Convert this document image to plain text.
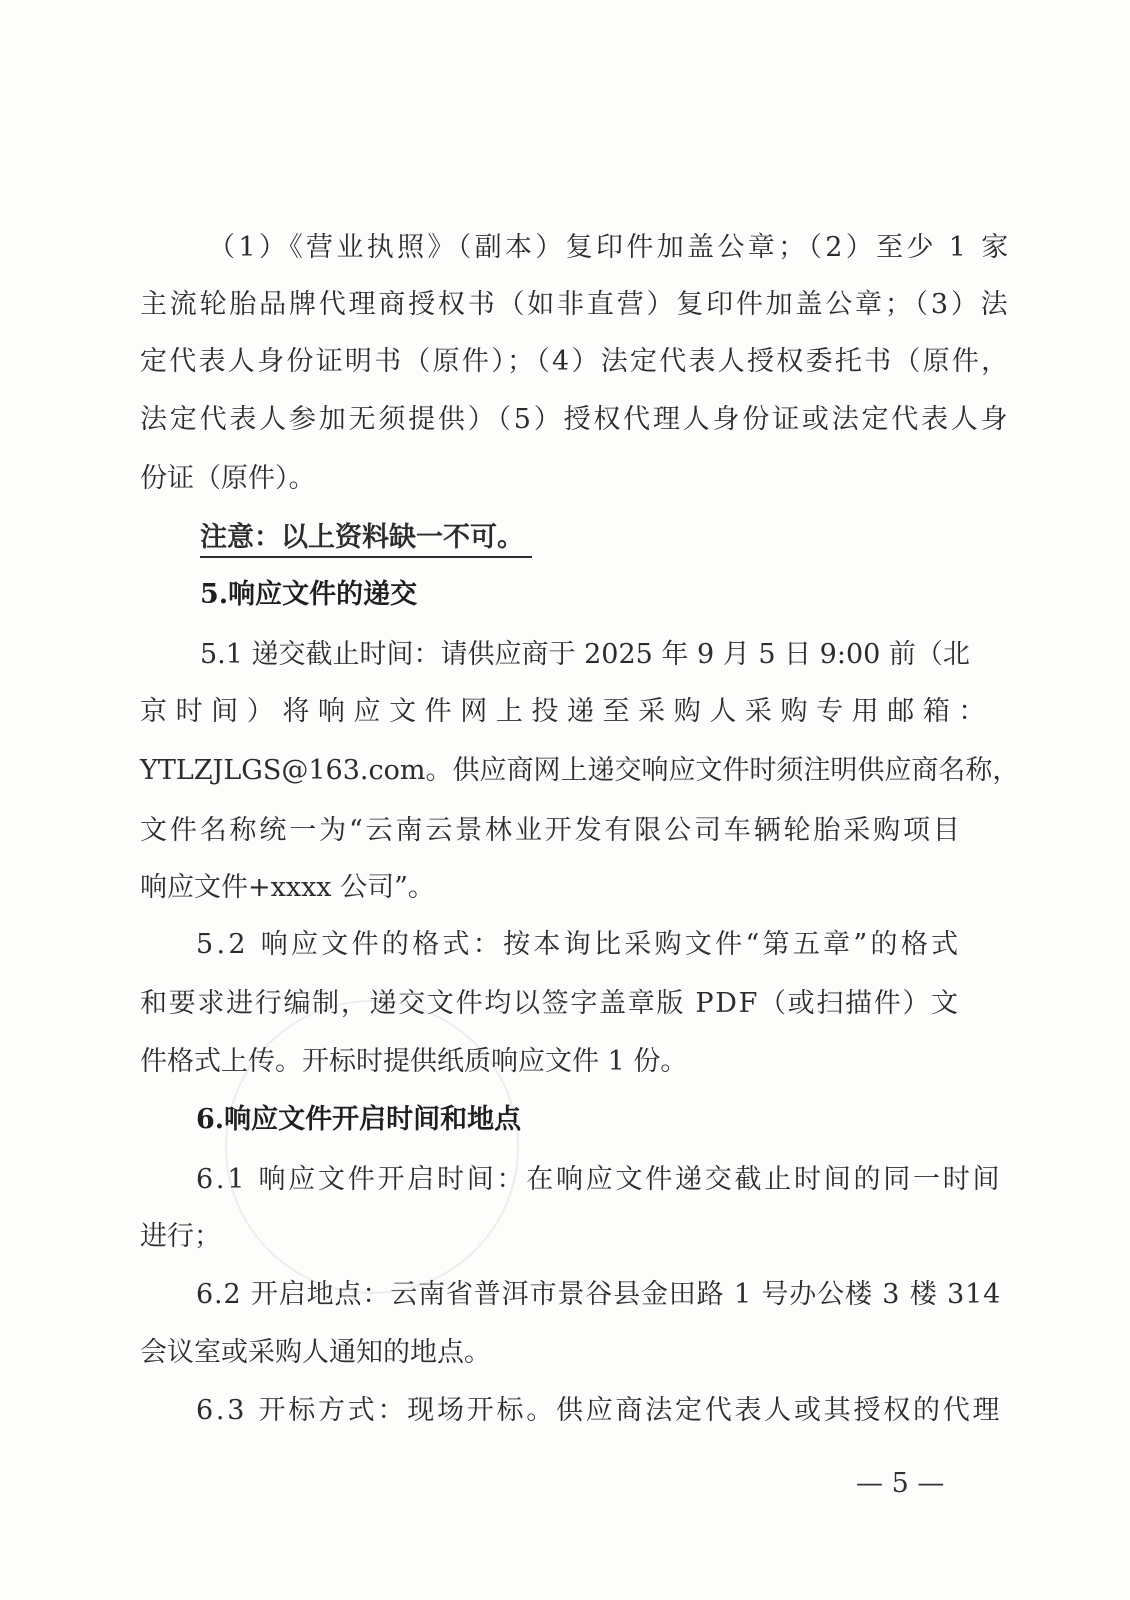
（1）《营业执照》（副本）复印件加盖公章；（2）至少 1 家
主流轮胎品牌代理商授权书（如非直营）复印件加盖公章；（3）法
定代表人身份证明书（原件）；（4）法定代表人授权委托书（原件，
法定代表人参加无须提供）（5）授权代理人身份证或法定代表人身
份证（原件）。
注意：以上资料缺一不可。
5.响应文件的递交
5.1 递交截止时间：请供应商于 2025 年 9 月 5 日 9:00 前（北
京 时 间 ） 将 响 应 文 件 网 上 投 递 至 采 购 人 采 购 专 用 邮 箱 ：
YTLZJLGS@163.com。供应商网上递交响应文件时须注明供应商名称，
文件名称统一为“云南云景林业开发有限公司车辆轮胎采购项目
响应文件+xxxx 公司”。
5.2 响应文件的格式：按本询比采购文件“第五章”的格式
和要求进行编制，递交文件均以签字盖章版 PDF（或扫描件）文
件格式上传。开标时提供纸质响应文件 1 份。
6.响应文件开启时间和地点
6.1 响应文件开启时间：在响应文件递交截止时间的同一时间
进行；
6.2 开启地点：云南省普洱市景谷县金田路 1 号办公楼 3 楼 314
会议室或采购人通知的地点。
6.3 开标方式：现场开标。供应商法定代表人或其授权的代理
— 5 —
